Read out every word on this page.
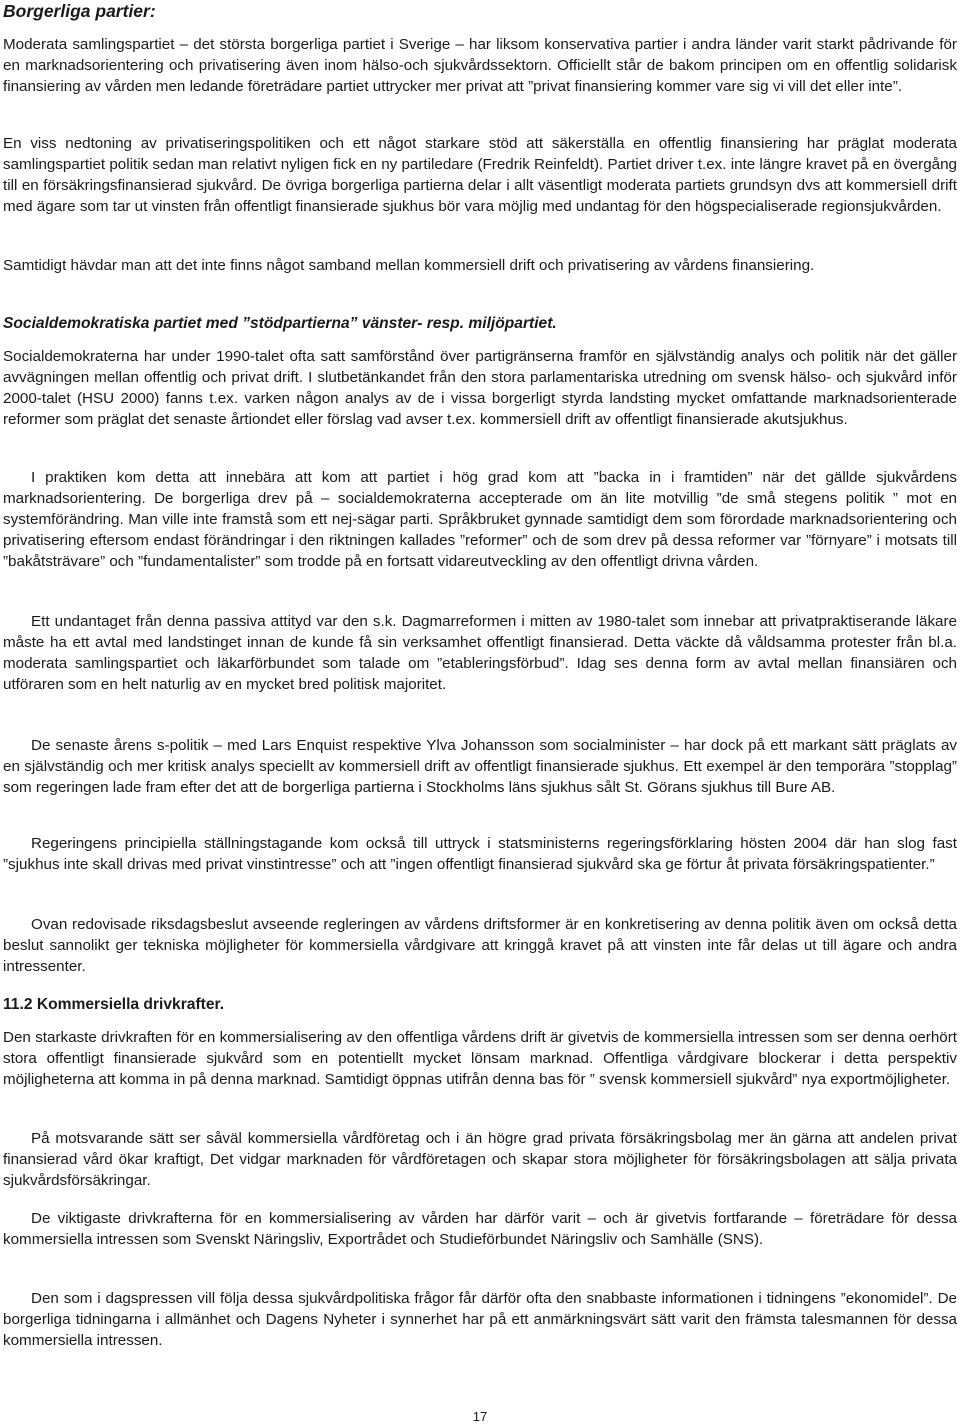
Borgerliga partier:

Moderata samlingspartiet – det största borgerliga partiet i Sverige – har liksom konservativa partier i andra länder varit starkt pådrivande för en marknadsorientering och privatisering även inom hälso-och sjukvårdssektorn. Officiellt står de bakom principen om en offentlig solidarisk finansiering av vården men ledande företrädare partiet uttrycker mer privat att ”privat finansiering kommer vare sig vi vill det eller inte”.

En viss nedtoning av privatiseringspolitiken och ett något starkare stöd att säkerställa en offentlig finansiering har präglat moderata samlingspartiet politik sedan man relativt nyligen fick en ny partiledare (Fredrik Reinfeldt). Partiet driver t.ex. inte längre kravet på en övergång till en försäkringsfinansierad sjukvård. De övriga borgerliga partierna delar i allt väsentligt moderata partiets grundsyn dvs att kommersiell drift med ägare som tar ut vinsten från offentligt finansierade sjukhus bör vara möjlig med undantag för den högspecialiserade regionsjukvården.

Samtidigt hävdar man att det inte finns något samband mellan kommersiell drift och privatisering av vårdens finansiering.

Socialdemokratiska partiet med ”stödpartierna” vänster- resp. miljöpartiet.

Socialdemokraterna har under 1990-talet ofta satt samförstånd över partigränserna framför en självständig analys och politik när det gäller avvägningen mellan offentlig och privat drift. I slutbetänkandet från den stora parlamentariska utredning om svensk hälso- och sjukvård inför 2000-talet (HSU 2000) fanns t.ex. varken någon analys av de i vissa borgerligt styrda landsting mycket omfattande marknadsorienterade reformer som präglat det senaste årtiondet eller förslag vad avser t.ex. kommersiell drift av offentligt finansierade akutsjukhus.

I praktiken kom detta att innebära att kom att partiet i hög grad kom att ”backa in i framtiden” när det gällde sjukvårdens marknadsorientering. De borgerliga drev på – socialdemokraterna accepterade om än lite motvillig ”de små stegens politik ” mot en systemförändring. Man ville inte framstå som ett nej-sägar parti. Språkbruket gynnade samtidigt dem som förordade marknadsorientering och privatisering eftersom endast förändringar i den riktningen kallades ”reformer” och de som drev på dessa reformer var ”förnyare” i motsats till ”bakåtsträvare” och ”fundamentalister” som trodde på en fortsatt vidareutveckling av den offentligt drivna vården.

Ett undantaget från denna passiva attityd var den s.k. Dagmarreformen i mitten av 1980-talet som innebar att privatpraktiserande läkare måste ha ett avtal med landstinget innan de kunde få sin verksamhet offentligt finansierad. Detta väckte då våldsamma protester från bl.a. moderata samlingspartiet och läkarförbundet som talade om ”etableringsförbud”. Idag ses denna form av avtal mellan finansiären och utföraren som en helt naturlig av en mycket bred politisk majoritet.

De senaste årens s-politik – med Lars Enquist respektive Ylva Johansson som socialminister – har dock på ett markant sätt präglats av en självständig och mer kritisk analys speciellt av kommersiell drift av offentligt finansierade sjukhus. Ett exempel är den temporära ”stopplag” som regeringen lade fram efter det att de borgerliga partierna i Stockholms läns sjukhus sålt St. Görans sjukhus till Bure AB.

Regeringens principiella ställningstagande kom också till uttryck i statsministerns regeringsförklaring hösten 2004 där han slog fast ”sjukhus inte skall drivas med privat vinstintresse” och att ”ingen offentligt finansierad sjukvård ska ge förtur åt privata försäkringspatienter.”

Ovan redovisade riksdagsbeslut avseende regleringen av vårdens driftsformer är en konkretisering av denna politik även om också detta beslut sannolikt ger tekniska möjligheter för kommersiella vårdgivare att kringgå kravet på att vinsten inte får delas ut till ägare och andra intressenter.

11.2 Kommersiella drivkrafter.

Den starkaste drivkraften för en kommersialisering av den offentliga vårdens drift är givetvis de kommersiella intressen som ser denna oerhört stora offentligt finansierade sjukvård som en potentiellt mycket lönsam marknad. Offentliga vårdgivare blockerar i detta perspektiv möjligheterna att komma in på denna marknad. Samtidigt öppnas utifrån denna bas för ” svensk kommersiell sjukvård” nya exportmöjligheter.

På motsvarande sätt ser såväl kommersiella vårdföretag och i än högre grad privata försäkringsbolag mer än gärna att andelen privat finansierad vård ökar kraftigt, Det vidgar marknaden för vårdföretagen och skapar stora möjligheter för försäkringsbolagen att sälja privata sjukvårdsförsäkringar.

De viktigaste drivkrafterna för en kommersialisering av vården har därför varit – och är givetvis fortfarande – företrädare för dessa kommersiella intressen som Svenskt Näringsliv, Exportrådet och Studieförbundet Näringsliv och Samhälle (SNS).

Den som i dagspressen vill följa dessa sjukvårdpolitiska frågor får därför ofta den snabbaste informationen i tidningens ”ekonomidel”. De borgerliga tidningarna i allmänhet och Dagens Nyheter i synnerhet har på ett anmärkningsvärt sätt varit den främsta talesmannen för dessa kommersiella intressen.

17
